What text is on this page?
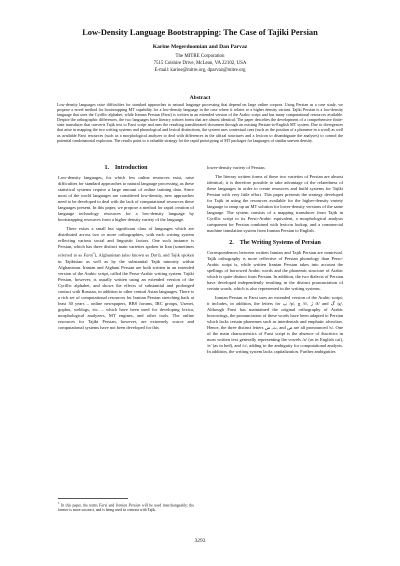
Low-Density Language Bootstrapping: The Case of Tajiki Persian
Karine Megerdoomian and Dan Parvaz
The MITRE Corporation
7515 Colshire Drive, McLean, VA 22102, USA
E-mail: karine@mitre.org, dparvaz@mitre.org
Abstract
Low-density languages raise difficulties for standard approaches to natural language processing that depend on large online corpora. Using Persian as a case study, we propose a novel method for bootstrapping MT capability for a low-density language in the case where it relates to a higher density variant. Tajiki Persian is a low-density language that uses the Cyrillic alphabet, while Iranian Persian (Farsi) is written in an extended version of the Arabic script and has many computational resources available. Despite the orthographic differences, the two languages have literary written forms that are almost identical. The paper describes the development of a comprehensive finite-state transducer that converts Tajik text to Farsi script and runs the resulting transliterated document through an existing Persian-to-English MT system. Due to divergences that arise in mapping the two writing systems and phonological and lexical distinctions, the system uses contextual cues (such as the position of a phoneme in a word) as well as available Farsi resources (such as a morphological analyzer to deal with differences in the affixal structures and a lexicon to disambiguate the analyses) to control the potential combinatorial explosion. The results point to a valuable strategy for the rapid prototyping of MT packages for languages of similar uneven density.
1. Introduction

Low-density languages, for which few online resources exist, raise difficulties for standard approaches to natural language processing, as these statistical systems require a large amount of online training data. Since most of the world languages are considered low-density, new approaches need to be developed to deal with the lack of computational resources these languages present. In this paper, we propose a method for rapid creation of language technology resources for a low-density language by bootstrapping resources from a higher density variety of the language.

There exists a small but significant class of languages which are distributed across two or more orthographies, with each writing system reflecting various social and linguistic factors. One such instance is Persian, which has three distinct main varieties spoken in Iran (sometimes referred to as Farsi$^1$), Afghanistan (also known as Dari), and Tajik spoken in Tajikistan as well as by the substantial Tajik minority within Afghanistan. Iranian and Afghani Persian are both written in an extended version of the Arabic script, called the Perso-Arabic writing system. Tajiki Persian, however, is usually written using an extended version of the Cyrillic alphabet, and shows the effects of substantial and prolonged contact with Russian, in addition to other central Asian languages. There is a rich set of computational resources for Iranian Persian stretching back at least 30 years – online newspapers, BBS forums, IRC groups, Usenet, gopher, weblogs, etc. – which have been used for developing lexica, morphological analyzers, MT engines, and other tools. The online resources for Tajiki Persian, however, are extremely scarce and computational systems have not been developed for this

lower-density variety of Persian.

The literary written forms of these two varieties of Persian are almost identical; it is therefore possible to take advantage of the relatedness of these languages in order to create resources and build systems for Tajiki Persian with very little effort. This paper presents the strategy developed for Tajik in using the resources available for the higher-density variety language to ramp up an MT solution for lower-density versions of the same language. The system consists of a mapping transducer from Tajik in Cyrillic script to its Perso-Arabic equivalent, a morphological analysis component for Persian combined with lexicon lookup, and a commercial machine translation system from Iranian Persian to English.

2. The Writing Systems of Persian

Correspondences between written Iranian and Tajik Persian are nontrivial. Tajik orthography is more reflective of Persian phonology than Perso-Arabic script is, while written Iranian Persian takes into account the spellings of borrowed Arabic words and the phonemic structure of Arabic which is quite distinct from Persian. In addition, the two dialects of Persian have developed independently resulting in the distinct pronunciation of certain words, which is also represented in the writing systems.

Iranian Persian or Farsi uses an extended version of the Arabic script; it includes, in addition, the letters for پ /p/, چ /č/, ژ /ž/ and گ /g/. Although Farsi has maintained the original orthography of Arabic borrowings, the pronunciation of these words have been adapted to Persian which lacks certain phonemes such as interdentals and emphatic alveolars. Hence, the three distinct letters ث, س, and ص are all pronounced /s/. One of the main characteristics of Farsi script is the absence of diacritics in most written text generally representing the vowels /a/ (as in English cat), /e/ (as in bed), and /o/, adding to the ambiguity for computational analysis. In addition, the writing system lacks capitalization. Further ambiguities

$^1$ In this paper, the terms Farsi and Iranian Persian will be used interchangeably; the former is more succinct, and is being used in contrast with Tajik.
3293
